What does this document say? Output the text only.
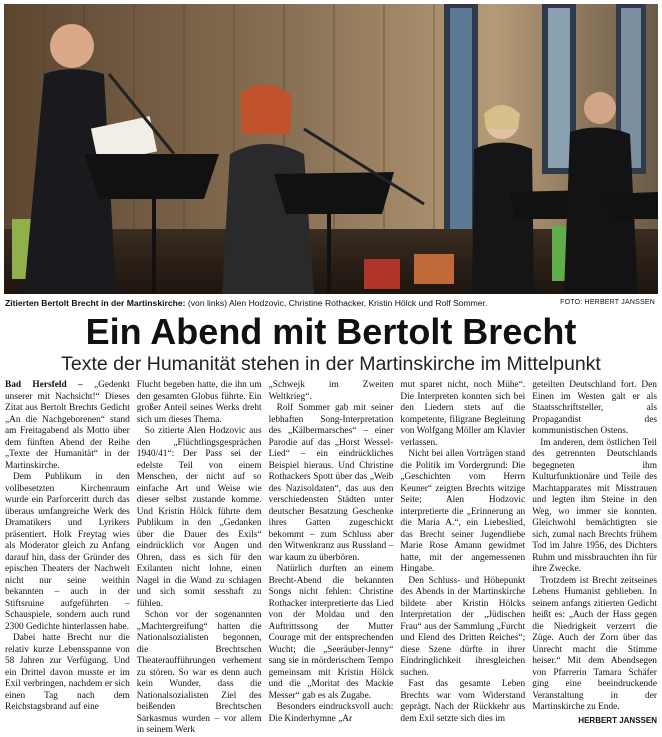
Zitierten Bertolt Brecht in der Martinskirche: (von links) Alen Hodzovic, Christine Rothacker, Kristin Hölck und Rolf Sommer.	FOTO: HERBERT JANSSEN
Ein Abend mit Bertolt Brecht
Texte der Humanität stehen in der Martinskirche im Mittelpunkt

Bad Hersfeld – „Gedenkt unserer mit Nachsicht!“ Dieses Zitat aus Bertolt Brechts Gedicht „An die Nachgeborenen“ stand am Freitagabend als Motto über dem fünften Abend der Reihe „Texte der Humanität“ in der Martinskirche.

Dem Publikum in den vollbesetzten Kirchenraum wurde ein Parforceritt durch das überaus umfangreiche Werk des Dramatikers und Lyrikers präsentiert. Holk Freytag wies als Moderator gleich zu Anfang darauf hin, dass der Gründer des epischen Theaters der Nachwelt nicht nur seine weithin bekannten – auch in der Stiftsruine aufgeführten – Schauspiele, sondern auch rund 2300 Gedichte hinterlassen habe.

Dabei hatte Brecht nur die relativ kurze Lebensspanne von 58 Jahren zur Verfügung. Und ein Drittel davon musste er im Exil verbringen, nachdem er sich einen Tag nach dem Reichstagsbrand auf eine

Flucht begeben hatte, die ihn um den gesamten Globus führte. Ein großer Anteil seines Werks dreht sich um dieses Thema.

So zitierte Alen Hodzovic aus den „Flüchtlingsgesprächen 1940/41“: Der Pass sei der edelste Teil von einem Menschen, der nicht auf so einfache Art und Weise wie dieser selbst zustande komme. Und Kristin Hölck führte dem Publikum in den „Gedanken über die Dauer des Exils“ eindrücklich vor Augen und Ohren, dass es sich für den Exilanten nicht lohne, einen Nagel in die Wand zu schlagen und sich somit sesshaft zu fühlen.

Schon vor der sogenannten „Machtergreifung“ hatten die Nationalsozialisten begonnen, die Brechtschen Theateraufführungen verhement zu stören. So war es denn auch kein Wunder, dass die Nationalsozialisten Ziel des beißenden Brechtschen Sarkasmus wurden – vor allem in seinem Werk

„Schwejk im Zweiten Weltkrieg“.

Rolf Sommer gab mit seiner lebhaften Song-Interpretation des „Kälbermarsches“ – einer Parodie auf das „Horst Wessel-Lied“ – ein eindrückliches Beispiel hieraus. Und Christine Rothackers Spott über das „Weib des Nazisoldaten“, das aus den verschiedensten Städten unter deutscher Besatzung Geschenke ihres Gatten zugeschickt bekommt – zum Schluss aber den Witwenkranz aus Russland – war kaum zu überbören.

Natürlich durften an einem Brecht-Abend die bekannten Songs nicht fehlen: Christine Rothacker interpretierte das Lied von der Moldau und den Auftrittssong der Mutter Courage mit der entsprechenden Wucht; die „Seeräuber-Jenny“ sang sie in mörderischem Tempo gemeinsam mit Kristin Hölck und die „Moritat des Mackie Messer“ gab es als Zugabe.

Besonders eindrucksvoll auch: Die Kinderhymne „Ar

mut sparet nicht, noch Mühe“. Die Interpreten konnten sich bei den Liedern stets auf die kompetente, filigrane Begleitung von Wolfgang Möller am Klavier verlassen.

Nicht bei allen Vorträgen stand die Politik im Vordergrund: Die „Geschichten vom Herrn Keuner“ zeigten Brechts witzige Seite; Alen Hodzovic interpretierte die „Erinnerung an die Maria A.“, ein Liebeslied, das Brecht seiner Jugendliebe Marie Rose Amann gewidmet hatte, mit der angemessenen Hingabe.

Den Schluss- und Höhepunkt des Abends in der Martinskirche bildete aber Kristin Hölcks Interpretation der „Jüdischen Frau“ aus der Sammlung „Furcht und Elend des Dritten Reiches“; diese Szene dürfte in ihrer Eindringlichkeit ihresgleichen suchen.

Fast das gesamte Leben Brechts war vom Widerstand geprägt. Nach der Rückkehr aus dem Exil setzte sich dies im

geteilten Deutschland fort. Den Einen im Westen galt er als Staatsschriftsteller, als Propagandist des kommunistischen Ostens.

Im anderen, dem östlichen Teil des getrennten Deutschlands begegneten ihm Kulturfunktionäre und Teile des Machtapparates mit Misstrauen und legten ihm Steine in den Weg, wo immer sie konnten. Gleichwohl bemächtigten sie sich, zumal nach Brechts frühem Tod im Jahre 1956, des Dichters Ruhm und missbrauchten ihn für ihre Zwecke.

Trotzdem ist Brecht zeitseines Lebens Humanist geblieben. In seinem anfangs zitierten Gedicht heißt es: „Auch der Hass gegen die Niedrigkeit verzerrt die Züge. Auch der Zorn über das Unrecht macht die Stimme heiser.“ Mit dem Abendsegen von Pfarrerin Tamara Schäfer ging eine beeindruckende Veranstaltung in der Martinskirche zu Ende.

HERBERT JANSSEN
